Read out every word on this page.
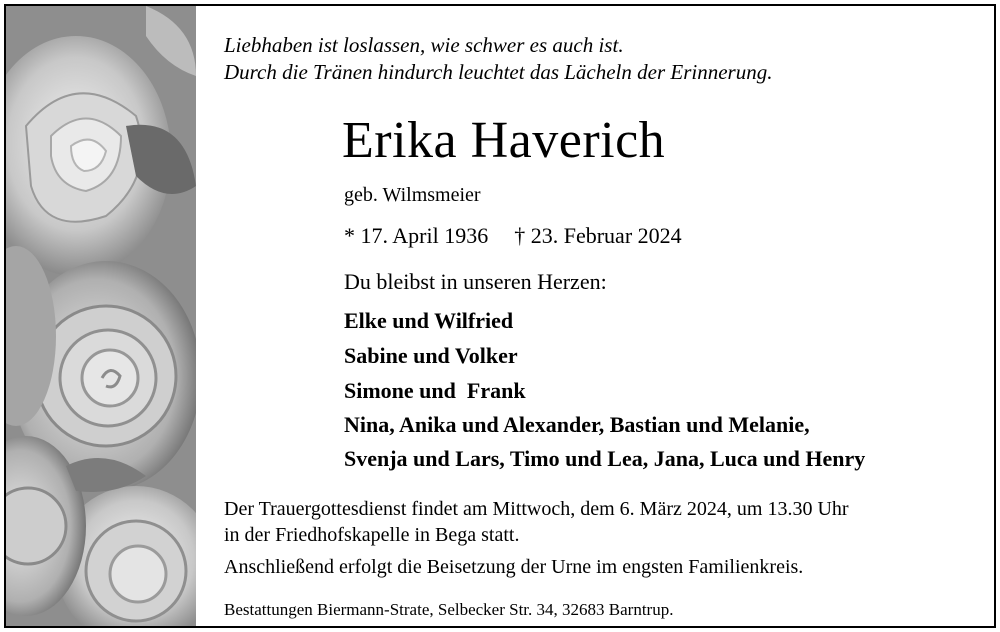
Liebhaben ist loslassen, wie schwer es auch ist.
Durch die Tränen hindurch leuchtet das Lächeln der Erinnerung.
Erika Haverich
geb. Wilmsmeier
* 17. April 1936 † 23. Februar 2024
Du bleibst in unseren Herzen:
Elke und Wilfried
Sabine und Volker
Simone und  Frank
Nina, Anika und Alexander, Bastian und Melanie,
Svenja und Lars, Timo und Lea, Jana, Luca und Henry
Der Trauergottesdienst findet am Mittwoch, dem 6. März 2024, um 13.30 Uhr
in der Friedhofskapelle in Bega statt.
Anschließend erfolgt die Beisetzung der Urne im engsten Familienkreis.
Bestattungen Biermann-Strate, Selbecker Str. 34, 32683 Barntrup.
